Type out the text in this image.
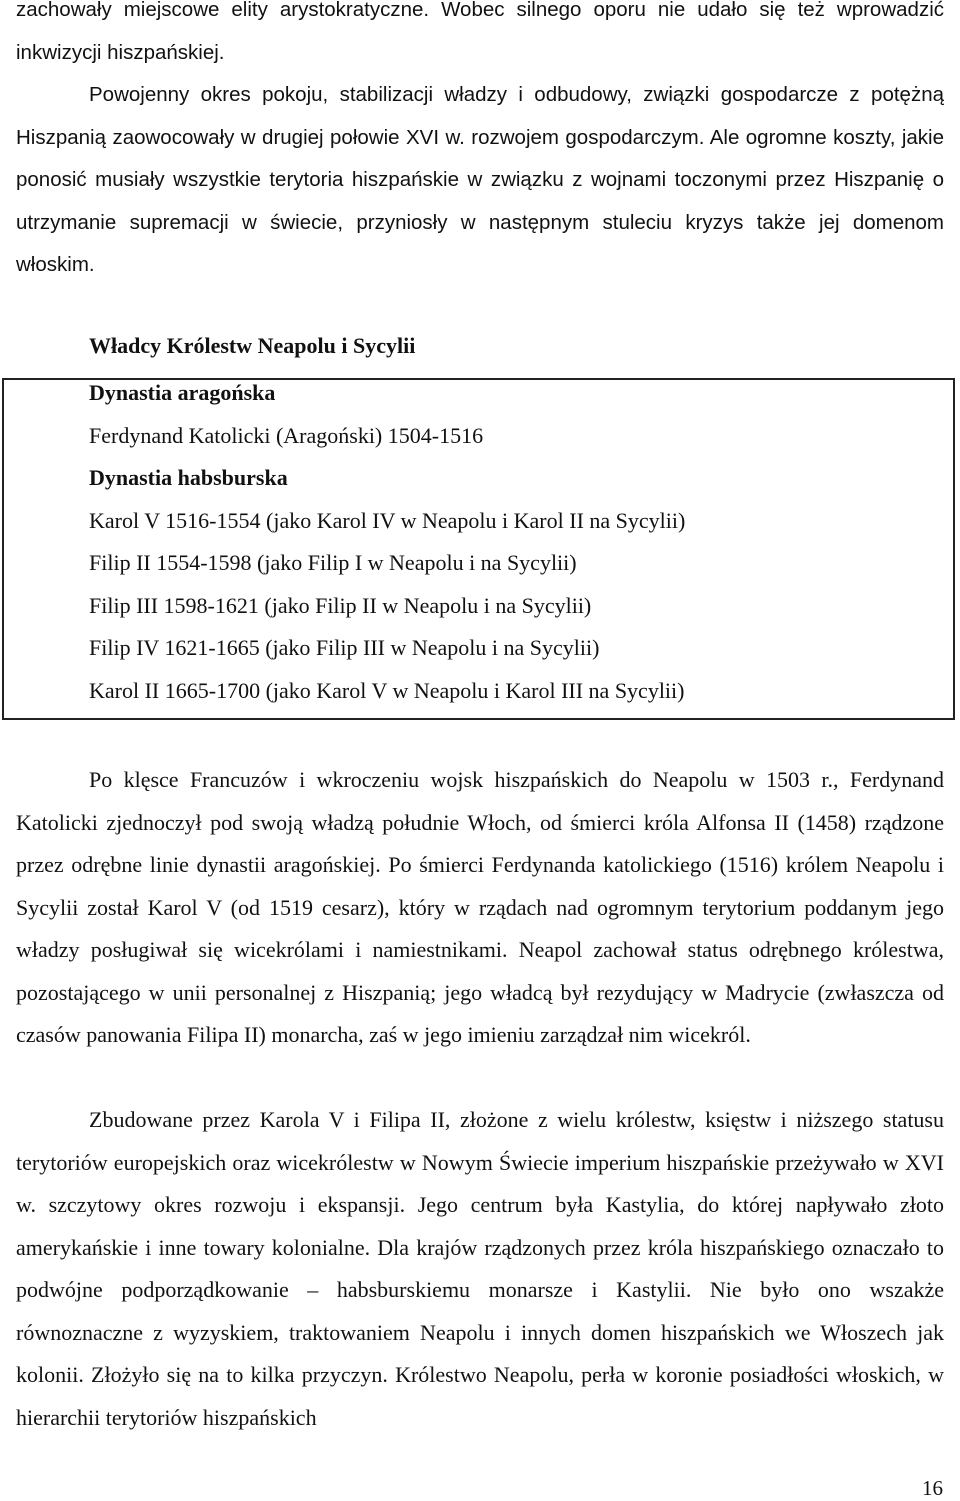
zachowały miejscowe elity arystokratyczne. Wobec silnego oporu nie udało się też wprowadzić inkwizycji hiszpańskiej.

Powojenny okres pokoju, stabilizacji władzy i odbudowy, związki gospodarcze z potężną Hiszpanią zaowocowały w drugiej połowie XVI w. rozwojem gospodarczym. Ale ogromne koszty, jakie ponosić musiały wszystkie terytoria hiszpańskie w związku z wojnami toczonymi przez Hiszpanię o utrzymanie supremacji w świecie, przyniosły w następnym stuleciu kryzys także jej domenom włoskim.

Władcy Królestw Neapolu i Sycylii

Dynastia aragońska

Ferdynand Katolicki (Aragoński) 1504-1516

Dynastia habsburska

Karol V 1516-1554 (jako Karol IV w Neapolu i Karol II na Sycylii)

Filip II 1554-1598 (jako Filip I w Neapolu i na Sycylii)

Filip III 1598-1621 (jako Filip II w Neapolu i na Sycylii)

Filip IV 1621-1665 (jako Filip III w Neapolu i na Sycylii)

Karol II 1665-1700 (jako Karol V w Neapolu i Karol III na Sycylii)

Po klęsce Francuzów i wkroczeniu wojsk hiszpańskich do Neapolu w 1503 r., Ferdynand Katolicki zjednoczył pod swoją władzą południe Włoch, od śmierci króla Alfonsa II (1458) rządzone przez odrębne linie dynastii aragońskiej. Po śmierci Ferdynanda katolickiego (1516) królem Neapolu i Sycylii został Karol V (od 1519 cesarz), który w rządach nad ogromnym terytorium poddanym jego władzy posługiwał się wicekrólami i namiestnikami. Neapol zachował status odrębnego królestwa, pozostającego w unii personalnej z Hiszpanią; jego władcą był rezydujący w Madrycie (zwłaszcza od czasów panowania Filipa II) monarcha, zaś w jego imieniu zarządzał nim wicekról.

Zbudowane przez Karola V i Filipa II, złożone z wielu królestw, księstw i niższego statusu terytoriów europejskich oraz wicekrólestw w Nowym Świecie imperium hiszpańskie przeżywało w XVI w. szczytowy okres rozwoju i ekspansji. Jego centrum była Kastylia, do której napływało złoto amerykańskie i inne towary kolonialne. Dla krajów rządzonych przez króla hiszpańskiego oznaczało to podwójne podporządkowanie – habsburskiemu monarsze i Kastylii. Nie było ono wszakże równoznaczne z wyzyskiem, traktowaniem Neapolu i innych domen hiszpańskich we Włoszech jak kolonii. Złożyło się na to kilka przyczyn. Królestwo Neapolu, perła w koronie posiadłości włoskich, w hierarchii terytoriów hiszpańskich

16
